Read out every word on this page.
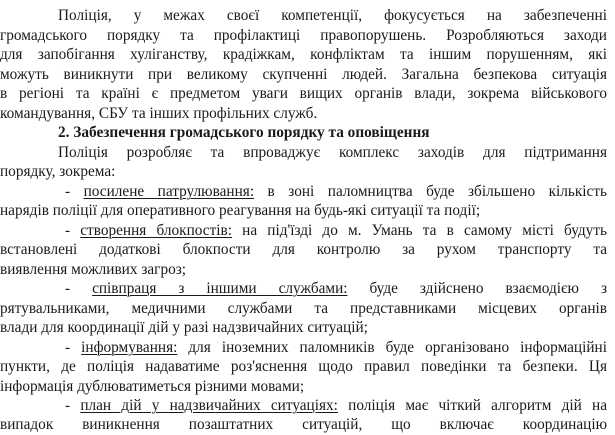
Поліція, у межах своєї компетенції, фокусується на забезпеченні
громадського порядку та профілактиці правопорушень. Розробляються заходи
для запобігання хуліганству, крадіжкам, конфліктам та іншим порушенням, які
можуть виникнути при великому скупченні людей. Загальна безпекова ситуація
в регіоні та країні є предметом уваги вищих органів влади, зокрема військового
командування, СБУ та інших профільних служб.
2. Забезпечення громадського порядку та оповіщення
Поліція розробляє та впроваджує комплекс заходів для підтримання
порядку, зокрема:
- посилене патрулювання: в зоні паломництва буде збільшено кількість
нарядів поліції для оперативного реагування на будь-які ситуації та події;
- створення блокпостів: на під'їзді до м. Умань та в самому місті будуть
встановлені додаткові блокпости для контролю за рухом транспорту та
виявлення можливих загроз;
- співпраця з іншими службами: буде здійснено взаємодією з
рятувальниками, медичними службами та представниками місцевих органів
влади для координації дій у разі надзвичайних ситуацій;
- інформування: для іноземних паломників буде організовано інформаційні
пункти, де поліція надаватиме роз'яснення щодо правил поведінки та безпеки. Ця
інформація дублюватиметься різними мовами;
- план дій у надзвичайних ситуаціях: поліція має чіткий алгоритм дій на
випадок виникнення позаштатних ситуацій, що включає координацію
